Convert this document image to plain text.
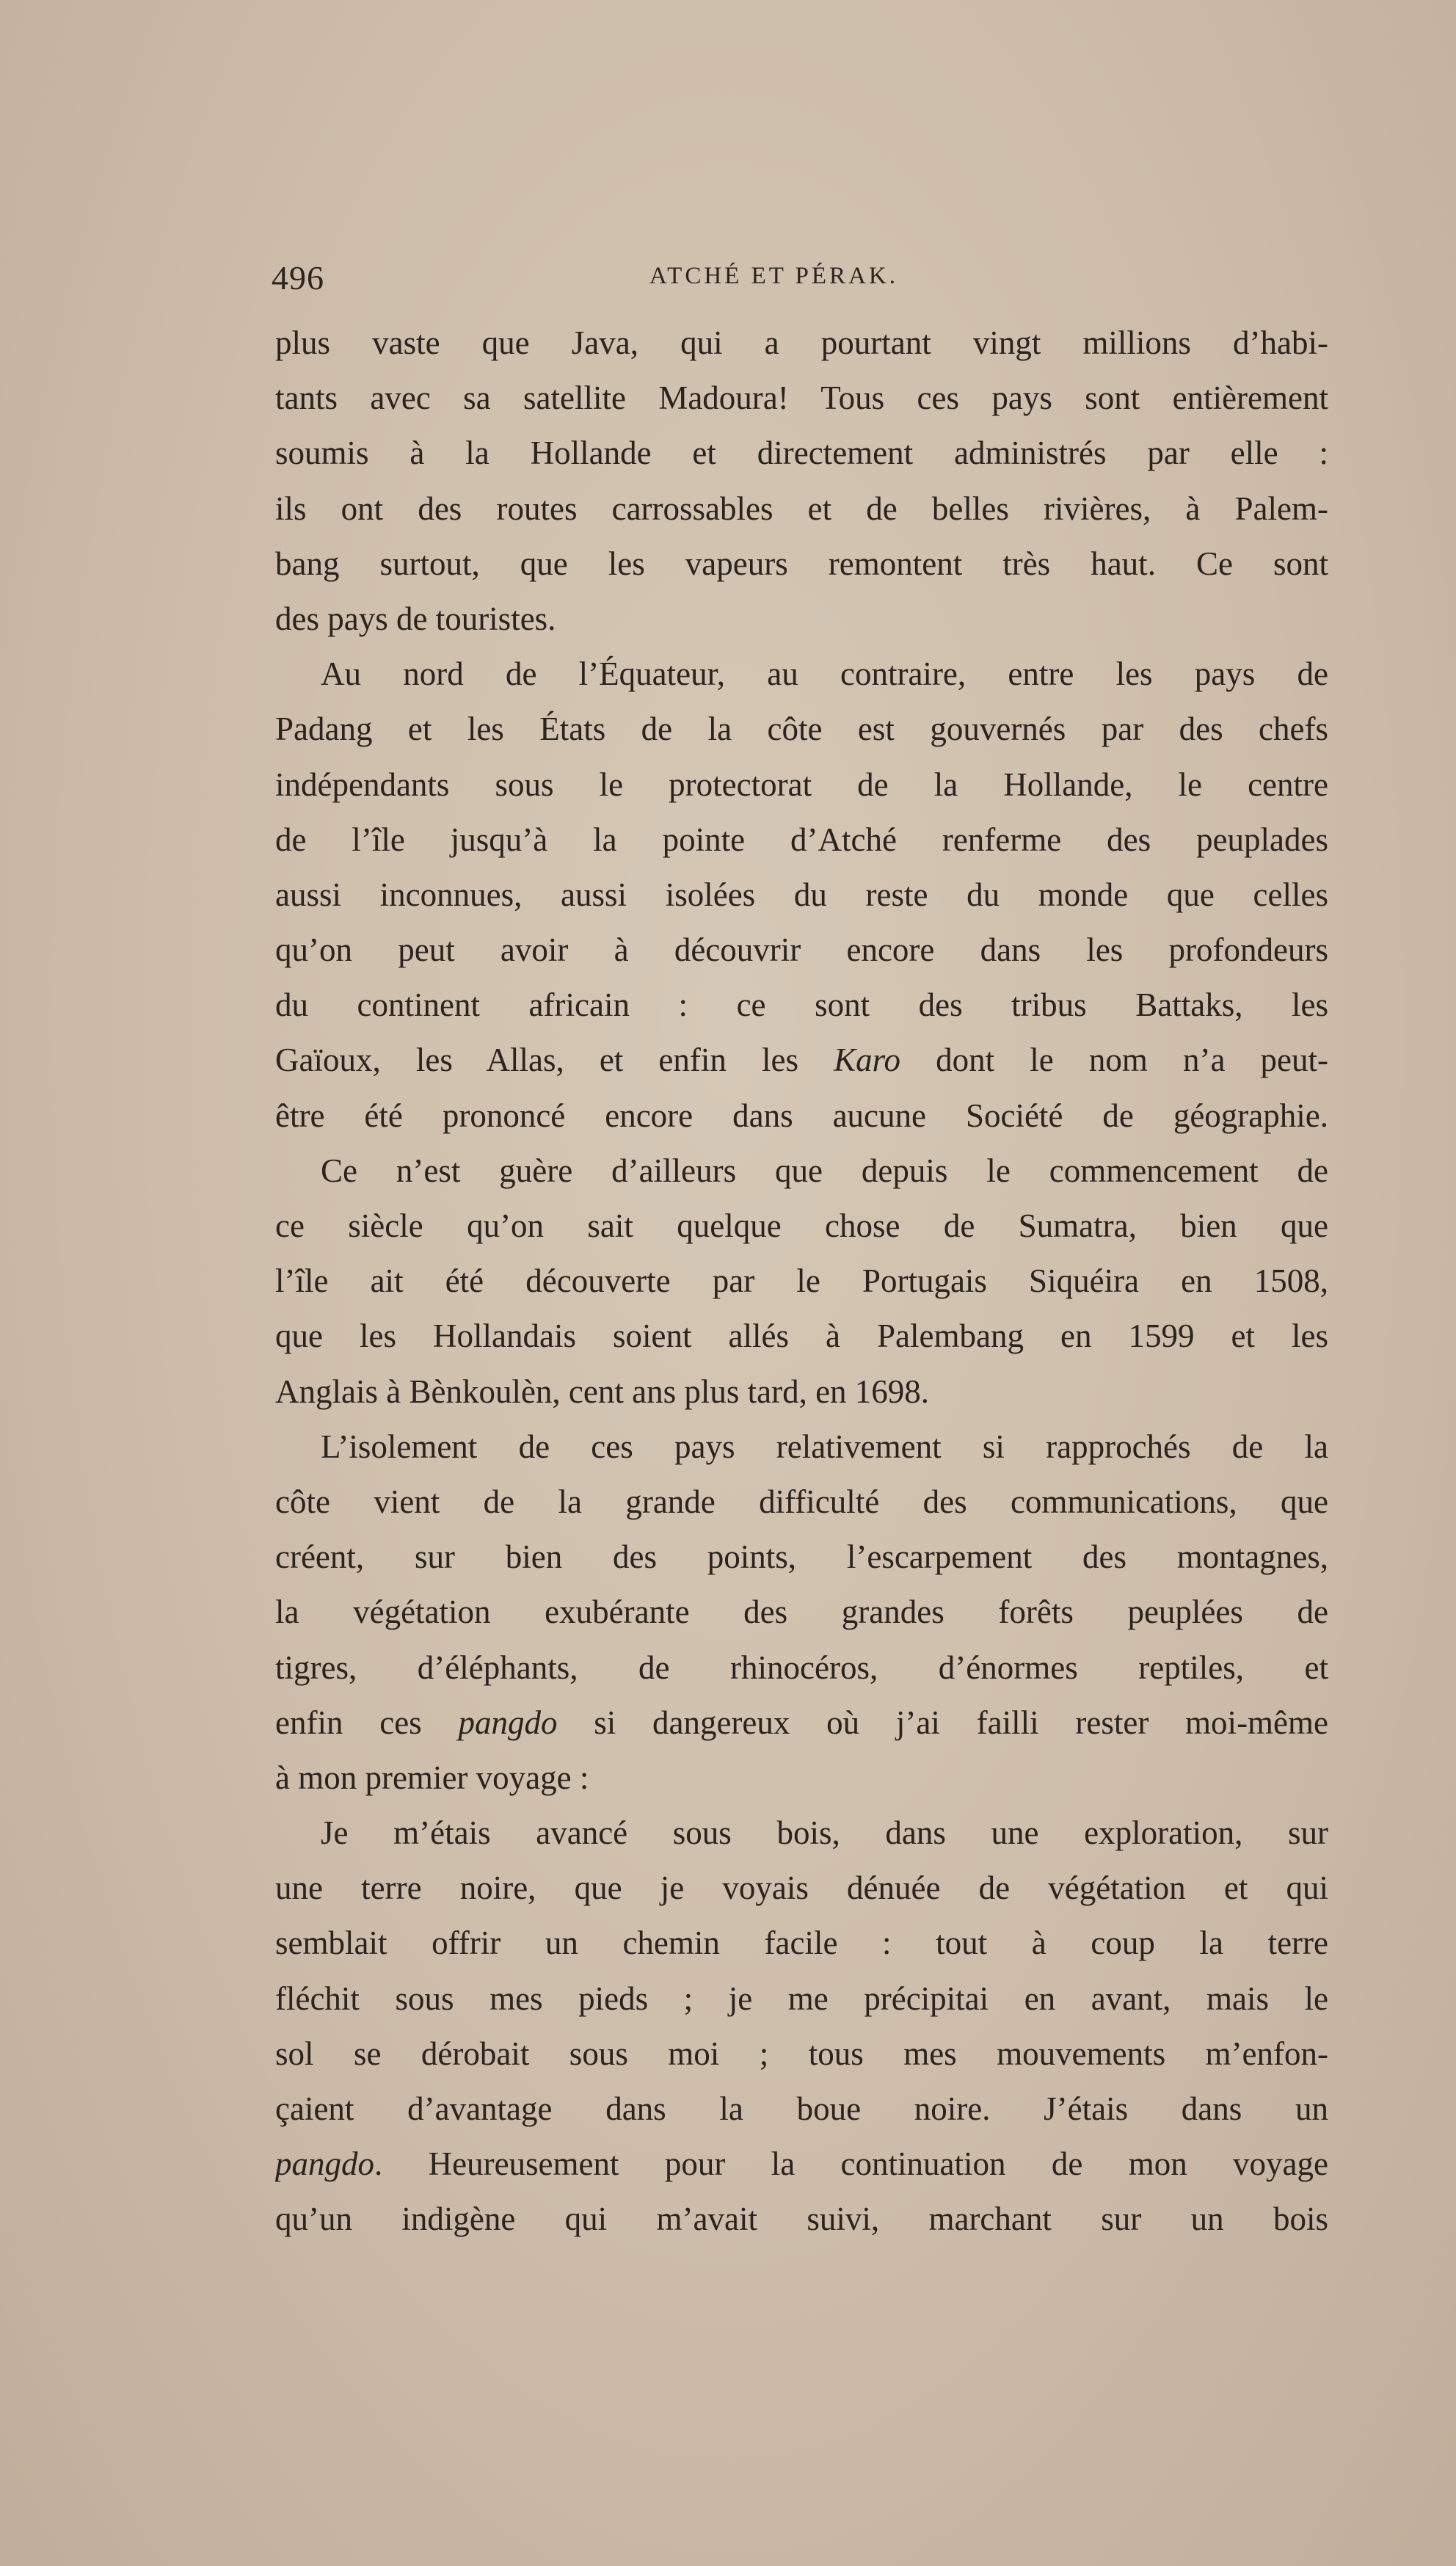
496	ATCHÉ ET PÉRAK.
plus vaste que Java, qui a pourtant vingt millions d’habi-
tants avec sa satellite Madoura! Tous ces pays sont entièrement
soumis à la Hollande et directement administrés par elle :
ils ont des routes carrossables et de belles rivières, à Palem-
bang surtout, que les vapeurs remontent très haut. Ce sont
des pays de touristes.
Au nord de l’Équateur, au contraire, entre les pays de
Padang et les États de la côte est gouvernés par des chefs
indépendants sous le protectorat de la Hollande, le centre
de l’île jusqu’à la pointe d’Atché renferme des peuplades
aussi inconnues, aussi isolées du reste du monde que celles
qu’on peut avoir à découvrir encore dans les profondeurs
du continent africain : ce sont des tribus Battaks, les
Gaïoux, les Allas, et enfin les Karo dont le nom n’a peut-
être été prononcé encore dans aucune Société de géographie.
Ce n’est guère d’ailleurs que depuis le commencement de
ce siècle qu’on sait quelque chose de Sumatra, bien que
l’île ait été découverte par le Portugais Siquéira en 1508,
que les Hollandais soient allés à Palembang en 1599 et les
Anglais à Bènkoulèn, cent ans plus tard, en 1698.
L’isolement de ces pays relativement si rapprochés de la
côte vient de la grande difficulté des communications, que
créent, sur bien des points, l’escarpement des montagnes,
la végétation exubérante des grandes forêts peuplées de
tigres, d’éléphants, de rhinocéros, d’énormes reptiles, et
enfin ces pangdo si dangereux où j’ai failli rester moi-même
à mon premier voyage :
Je m’étais avancé sous bois, dans une exploration, sur
une terre noire, que je voyais dénuée de végétation et qui
semblait offrir un chemin facile : tout à coup la terre
fléchit sous mes pieds ; je me précipitai en avant, mais le
sol se dérobait sous moi ; tous mes mouvements m’enfon-
çaient d’avantage dans la boue noire. J’étais dans un
pangdo. Heureusement pour la continuation de mon voyage
qu’un indigène qui m’avait suivi, marchant sur un bois
